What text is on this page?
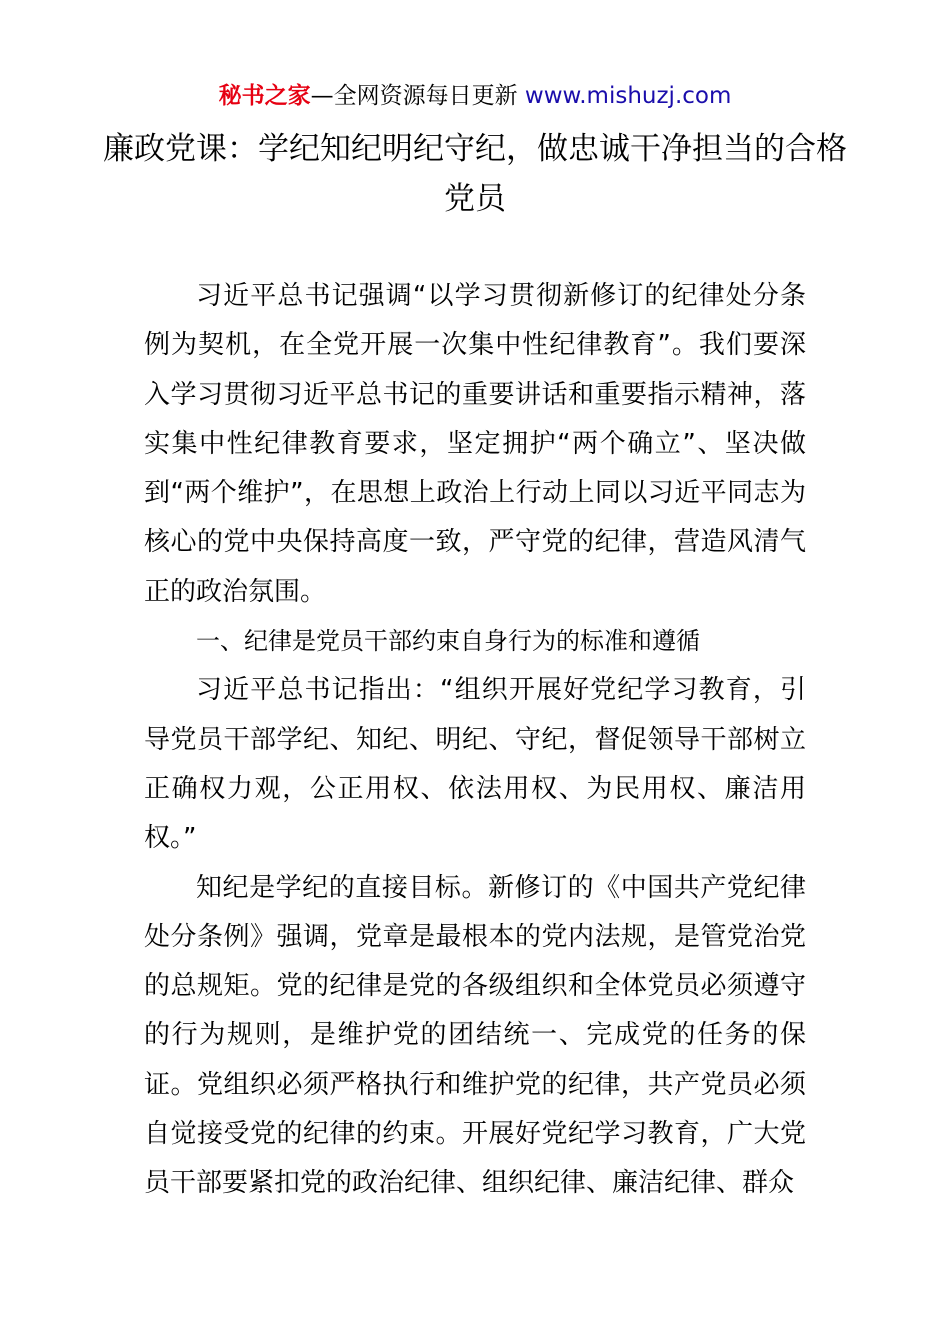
秘书之家—全网资源每日更新 www.mishuzj.com
廉政党课：学纪知纪明纪守纪，做忠诚干净担当的合格党员

习近平总书记强调“以学习贯彻新修订的纪律处分条例为契机，在全党开展一次集中性纪律教育”。我们要深入学习贯彻习近平总书记的重要讲话和重要指示精神，落实集中性纪律教育要求，坚定拥护“两个确立”、坚决做到“两个维护”，在思想上政治上行动上同以习近平同志为核心的党中央保持高度一致，严守党的纪律，营造风清气正的政治氛围。

一、纪律是党员干部约束自身行为的标准和遵循

习近平总书记指出：“组织开展好党纪学习教育，引导党员干部学纪、知纪、明纪、守纪，督促领导干部树立正确权力观，公正用权、依法用权、为民用权、廉洁用权。”

知纪是学纪的直接目标。新修订的《中国共产党纪律处分条例》强调，党章是最根本的党内法规，是管党治党的总规矩。党的纪律是党的各级组织和全体党员必须遵守的行为规则，是维护党的团结统一、完成党的任务的保证。党组织必须严格执行和维护党的纪律，共产党员必须自觉接受党的纪律的约束。开展好党纪学习教育，广大党员干部要紧扣党的政治纪律、组织纪律、廉洁纪律、群众
